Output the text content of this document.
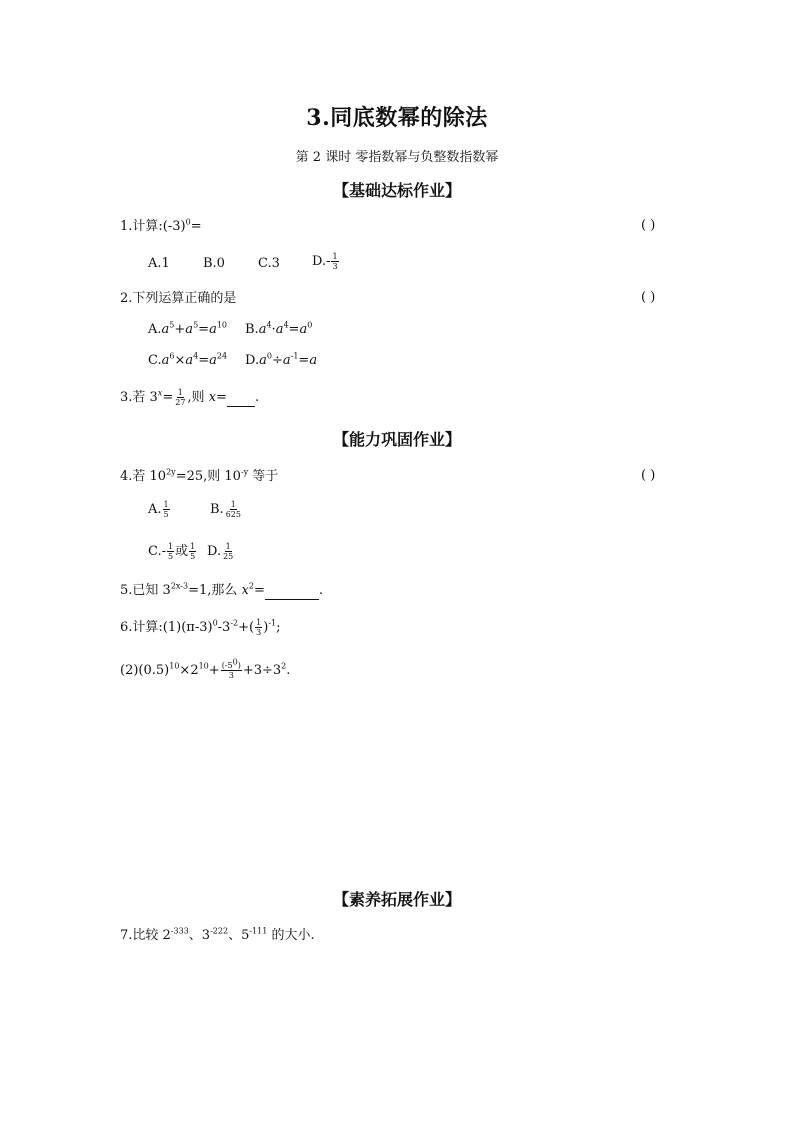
3.同底数幂的除法
第 2 课时 零指数幂与负整数指数幂
【基础达标作业】
1.计算$:(-3)^0=$	( )
A.1	B.0	C.3 $D.- \frac{1}{3}$
2.下列运算正确的是	( )
$A.a^5+a^5=a^{10}$ $B.a^4\cdot a^4=a^0$
$C.a^6\times a^4=a^{24}$ $D.a^0\div a^{-1}=a$
3.若 $3^x= \frac{1}{27}$ ,则 x= .
【能力巩固作业】
4.若 $10^{2y}=25$,则 $10^{-y}$ 等于	( )
A. $\frac{1}{5}$	B. $\frac{1}{625}$
$C.- \frac{1}{5}$ 或 $\frac{1}{5} D$. $\frac{1}{25}$
5.已知 $3^{2x-3}=1$,那么 $x^2=$	.
6.计算$:(1)(\pi-3)^0-3^{-2}+( \frac{1}{3} )^{-1}$;
$(2)(0.5)^{10}\times 2^{10}+ \frac{(-5^0)}{3} +3\div 3^2$.
【素养拓展作业】
7.比较 $2^{-333}$、$3^{-222}$、$5^{-111}$ 的大小.
